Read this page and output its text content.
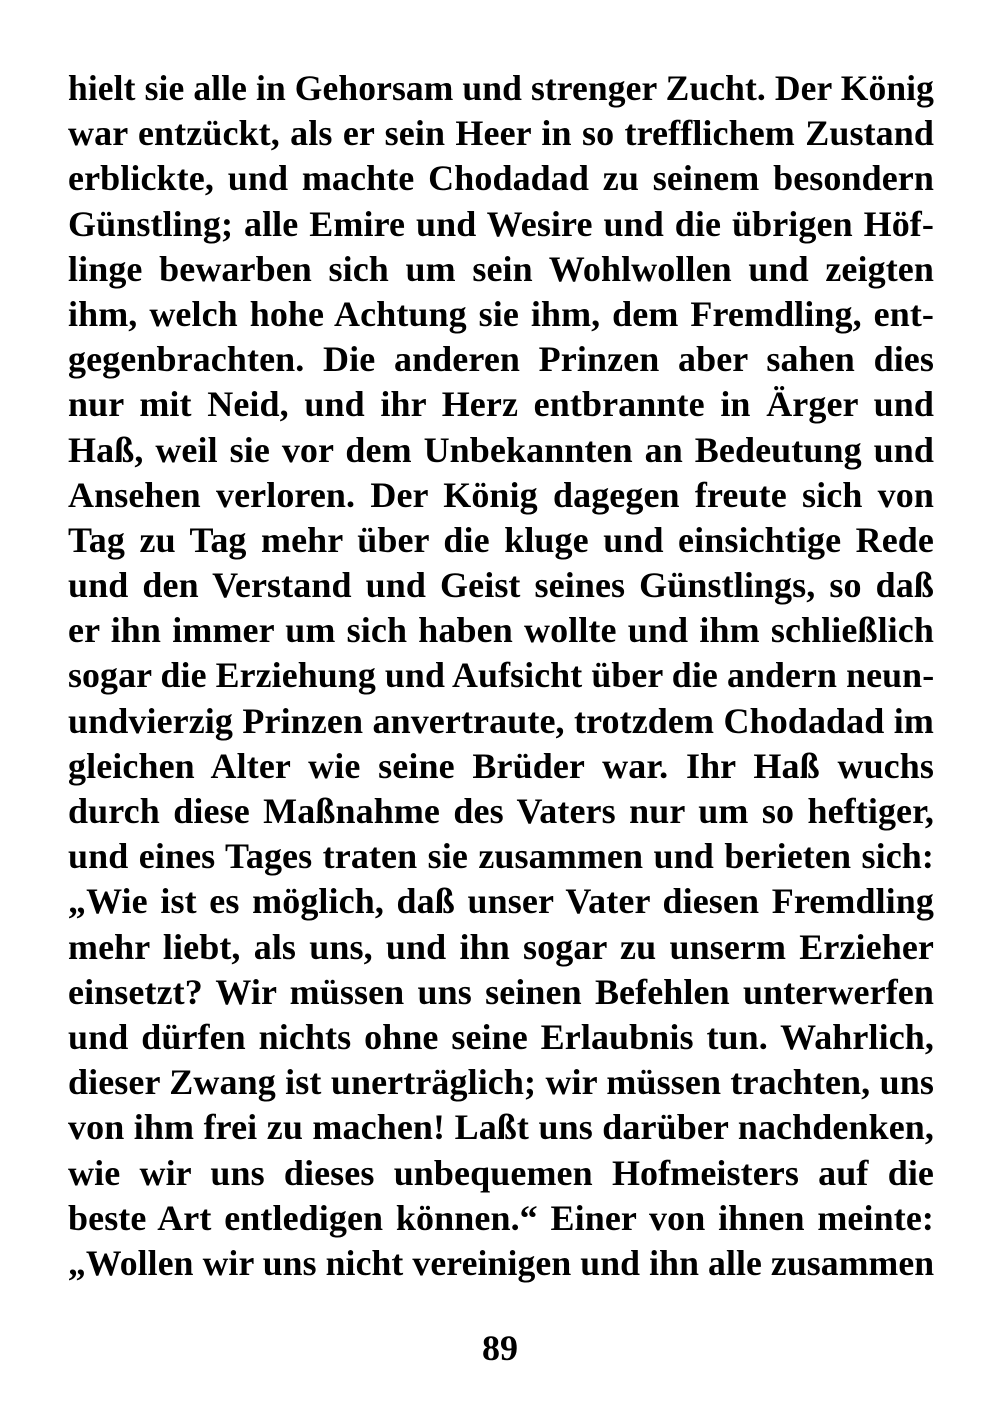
hielt sie alle in Gehorsam und strenger Zucht. Der König
war entzückt, als er sein Heer in so trefflichem Zustand
erblickte, und machte Chodadad zu seinem besondern
Günstling; alle Emire und Wesire und die übrigen Höf-
linge bewarben sich um sein Wohlwollen und zeigten
ihm, welch hohe Achtung sie ihm, dem Fremdling, ent-
gegenbrachten. Die anderen Prinzen aber sahen dies
nur mit Neid, und ihr Herz entbrannte in Ärger und
Haß, weil sie vor dem Unbekannten an Bedeutung und
Ansehen verloren. Der König dagegen freute sich von
Tag zu Tag mehr über die kluge und einsichtige Rede
und den Verstand und Geist seines Günstlings, so daß
er ihn immer um sich haben wollte und ihm schließlich
sogar die Erziehung und Aufsicht über die andern neun-
undvierzig Prinzen anvertraute, trotzdem Chodadad im
gleichen Alter wie seine Brüder war. Ihr Haß wuchs
durch diese Maßnahme des Vaters nur um so heftiger,
und eines Tages traten sie zusammen und berieten sich:
„Wie ist es möglich, daß unser Vater diesen Fremdling
mehr liebt, als uns, und ihn sogar zu unserm Erzieher
einsetzt? Wir müssen uns seinen Befehlen unterwerfen
und dürfen nichts ohne seine Erlaubnis tun. Wahrlich,
dieser Zwang ist unerträglich; wir müssen trachten, uns
von ihm frei zu machen! Laßt uns darüber nachdenken,
wie wir uns dieses unbequemen Hofmeisters auf die
beste Art entledigen können.“ Einer von ihnen meinte:
„Wollen wir uns nicht vereinigen und ihn alle zusammen
89
